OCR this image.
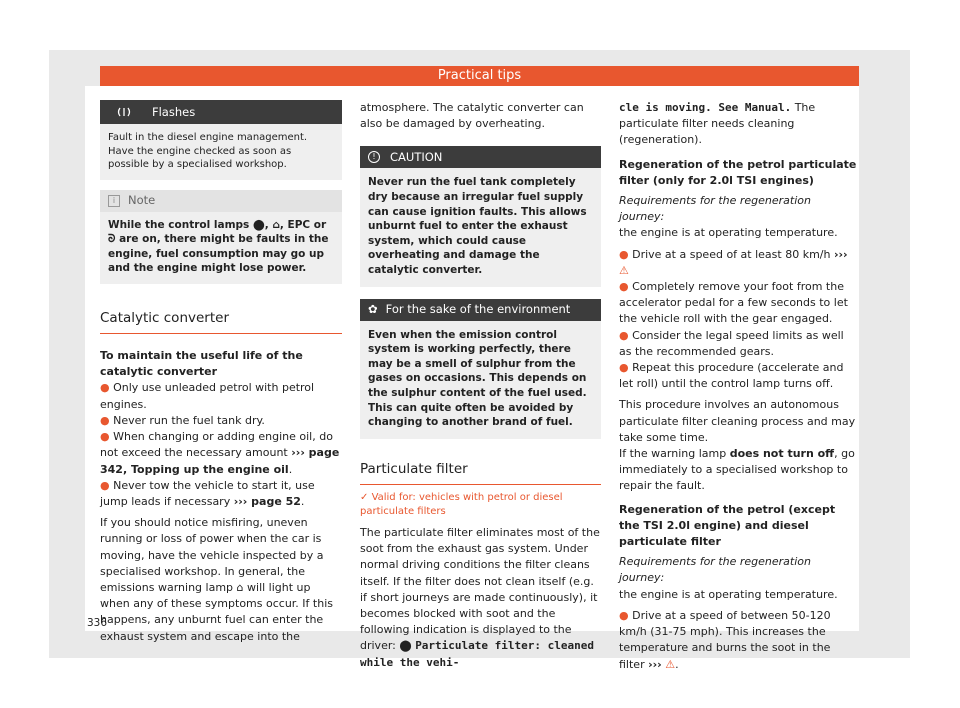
Practical tips
Flashes
Fault in the diesel engine management.
Have the engine checked as soon as possible by a specialised workshop.
i	Note
While the control lamps ⬤, ⌂, EPC or ᘐ are on, there might be faults in the engine, fuel consumption may go up and the engine might lose power.
Catalytic converter

To maintain the useful life of the catalytic converter

● Only use unleaded petrol with petrol engines.

● Never run the fuel tank dry.

● When changing or adding engine oil, do not exceed the necessary amount ››› page 342, Topping up the engine oil.

● Never tow the vehicle to start it, use jump leads if necessary ››› page 52.

If you should notice misfiring, uneven running or loss of power when the car is moving, have the vehicle inspected by a specialised workshop. In general, the emissions warning lamp ⌂ will light up when any of these symptoms occur. If this happens, any unburnt fuel can enter the exhaust system and escape into the

atmosphere. The catalytic converter can also be damaged by overheating.

!	CAUTION
Never run the fuel tank completely dry because an irregular fuel supply can cause ignition faults. This allows unburnt fuel to enter the exhaust system, which could cause overheating and damage the catalytic converter.
✿ For the sake of the environment
Even when the emission control system is working perfectly, there may be a smell of sulphur from the gases on occasions. This depends on the sulphur content of the fuel used. This can quite often be avoided by changing to another brand of fuel.
Particulate filter

✓ Valid for: vehicles with petrol or diesel particulate filters

The particulate filter eliminates most of the soot from the exhaust gas system. Under normal driving conditions the filter cleans itself. If the filter does not clean itself (e.g. if short journeys are made continuously), it becomes blocked with soot and the following indication is displayed to the driver: ⬤ Particulate filter: cleaned while the vehi-

cle is moving. See Manual. The particulate filter needs cleaning (regeneration).

Regeneration of the petrol particulate filter (only for 2.0l TSI engines)

Requirements for the regeneration journey:
the engine is at operating temperature.

● Drive at a speed of at least 80 km/h ››› ⚠

● Completely remove your foot from the accelerator pedal for a few seconds to let the vehicle roll with the gear engaged.

● Consider the legal speed limits as well as the recommended gears.

● Repeat this procedure (accelerate and let roll) until the control lamp turns off.

This procedure involves an autonomous particulate filter cleaning process and may take some time.

If the warning lamp does not turn off, go immediately to a specialised workshop to repair the fault.

Regeneration of the petrol (except the TSI 2.0l engine) and diesel particulate filter

Requirements for the regeneration journey:
the engine is at operating temperature.

● Drive at a speed of between 50-120 km/h (31-75 mph). This increases the temperature and burns the soot in the filter ››› ⚠.

336
